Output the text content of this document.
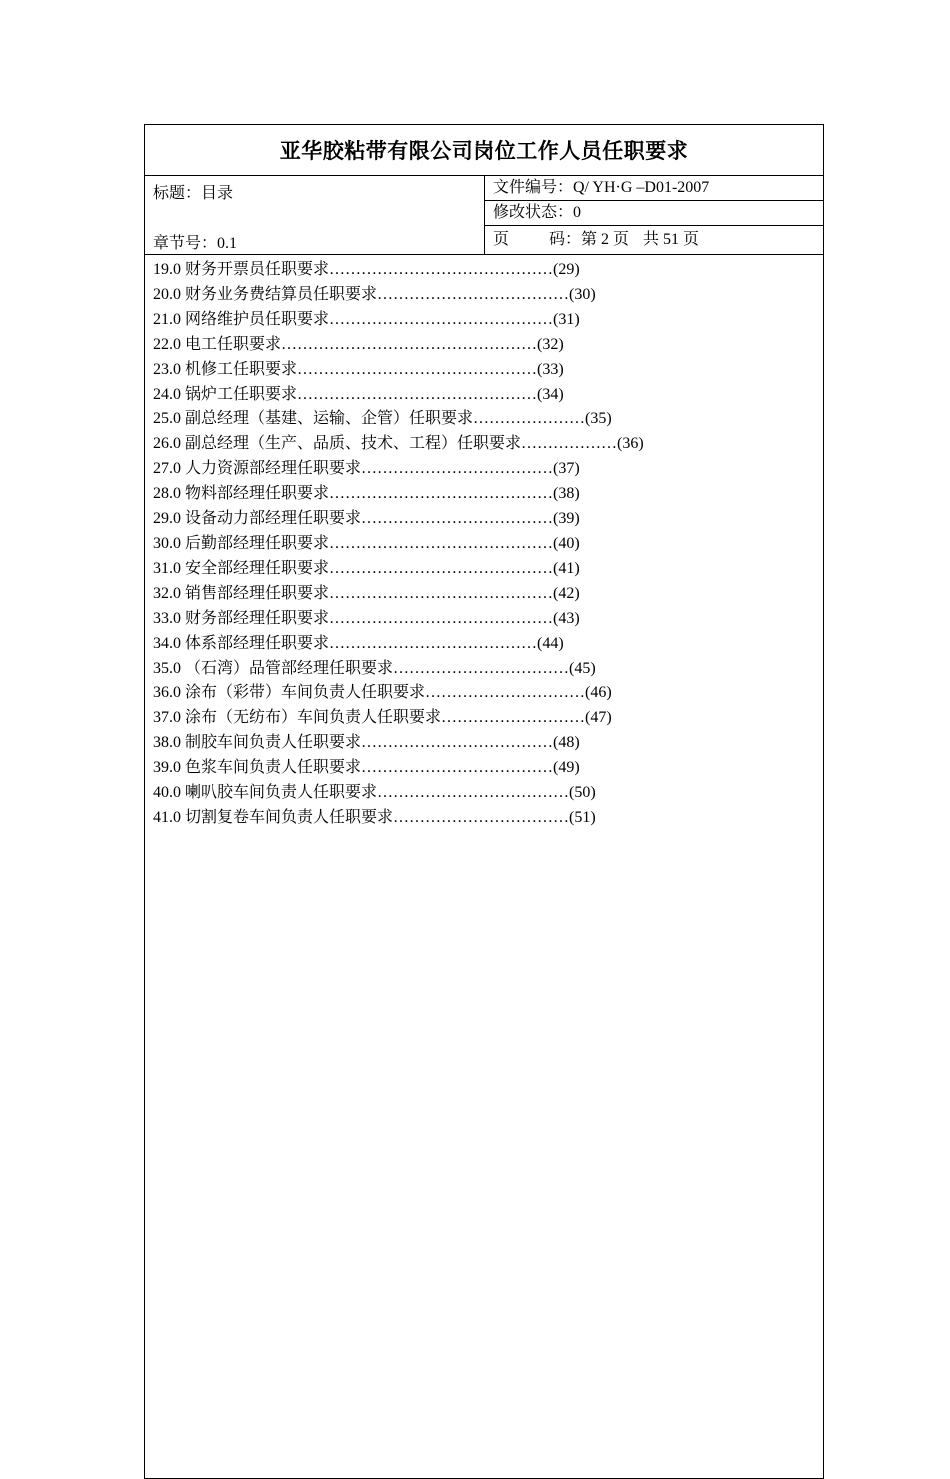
亚华胶粘带有限公司岗位工作人员任职要求
标题：目录
章节号：0.1
文件编号：Q/ YH·G –D01-2007
修改状态：0
页	码：第 2 页 共 51 页
19.0 财务开票员任职要求……………………………………(29)
20.0 财务业务费结算员任职要求………………………………(30)
21.0 网络维护员任职要求……………………………………(31)
22.0 电工任职要求…………………………………………(32)
23.0 机修工任职要求………………………………………(33)
24.0 锅炉工任职要求………………………………………(34)
25.0 副总经理（基建、运输、企管）任职要求…………………(35)
26.0 副总经理（生产、品质、技术、工程）任职要求………………(36)
27.0 人力资源部经理任职要求………………………………(37)
28.0 物料部经理任职要求……………………………………(38)
29.0 设备动力部经理任职要求………………………………(39)
30.0 后勤部经理任职要求……………………………………(40)
31.0 安全部经理任职要求……………………………………(41)
32.0 销售部经理任职要求……………………………………(42)
33.0 财务部经理任职要求……………………………………(43)
34.0 体系部经理任职要求…………………………………(44)
35.0 （石湾）品管部经理任职要求……………………………(45)
36.0 涂布（彩带）车间负责人任职要求…………………………(46)
37.0 涂布（无纺布）车间负责人任职要求………………………(47)
38.0 制胶车间负责人任职要求………………………………(48)
39.0 色浆车间负责人任职要求………………………………(49)
40.0 喇叭胶车间负责人任职要求………………………………(50)
41.0 切割复卷车间负责人任职要求……………………………(51)
